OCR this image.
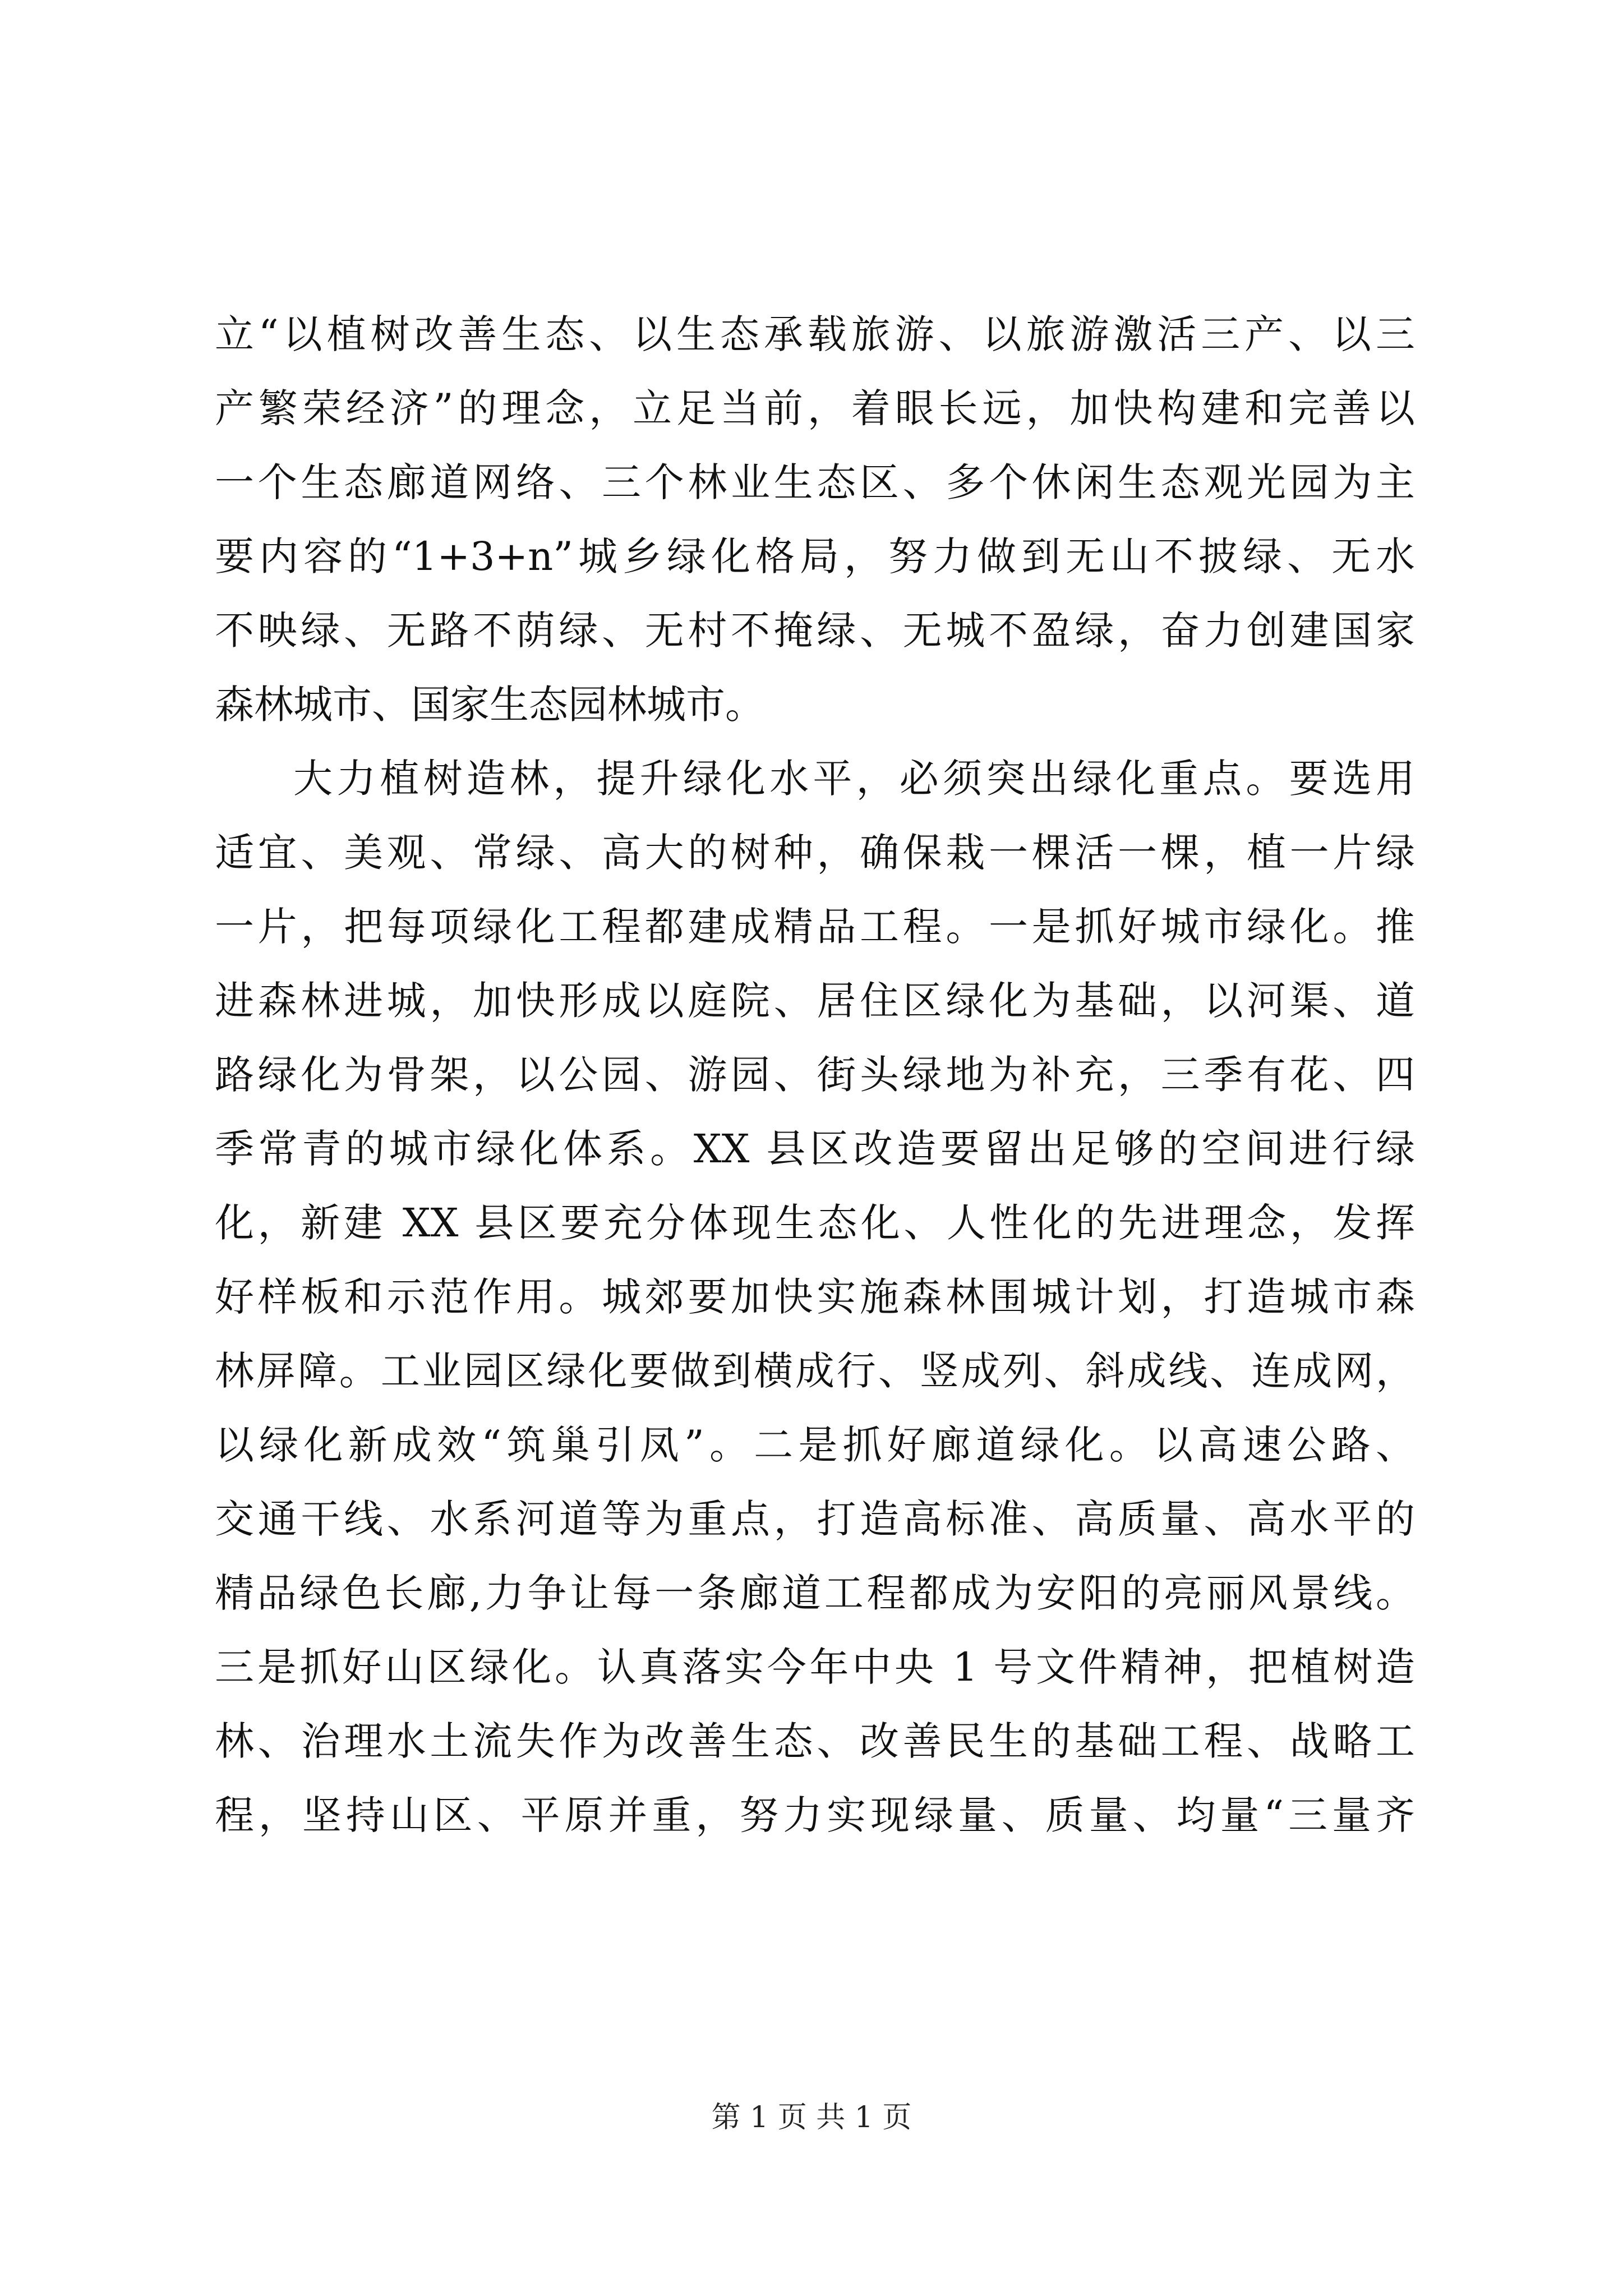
立“以植树改善生态、以生态承载旅游、以旅游激活三产、以三
产繁荣经济”的理念，立足当前，着眼长远，加快构建和完善以
一个生态廊道网络、三个林业生态区、多个休闲生态观光园为主
要内容的“1+3+n”城乡绿化格局，努力做到无山不披绿、无水
不映绿、无路不荫绿、无村不掩绿、无城不盈绿，奋力创建国家
森林城市、国家生态园林城市。
大力植树造林，提升绿化水平，必须突出绿化重点。要选用
适宜、美观、常绿、高大的树种，确保栽一棵活一棵，植一片绿
一片，把每项绿化工程都建成精品工程。一是抓好城市绿化。推
进森林进城，加快形成以庭院、居住区绿化为基础，以河渠、道
路绿化为骨架，以公园、游园、街头绿地为补充，三季有花、四
季常青的城市绿化体系。XX 县区改造要留出足够的空间进行绿
化，新建 XX 县区要充分体现生态化、人性化的先进理念，发挥
好样板和示范作用。城郊要加快实施森林围城计划，打造城市森
林屏障。工业园区绿化要做到横成行、竖成列、斜成线、连成网，
以绿化新成效“筑巢引凤”。二是抓好廊道绿化。以高速公路、
交通干线、水系河道等为重点，打造高标准、高质量、高水平的
精品绿色长廊,力争让每一条廊道工程都成为安阳的亮丽风景线。
三是抓好山区绿化。认真落实今年中央 1 号文件精神，把植树造
林、治理水土流失作为改善生态、改善民生的基础工程、战略工
程，坚持山区、平原并重，努力实现绿量、质量、均量“三量齐
第 1 页 共 1 页
